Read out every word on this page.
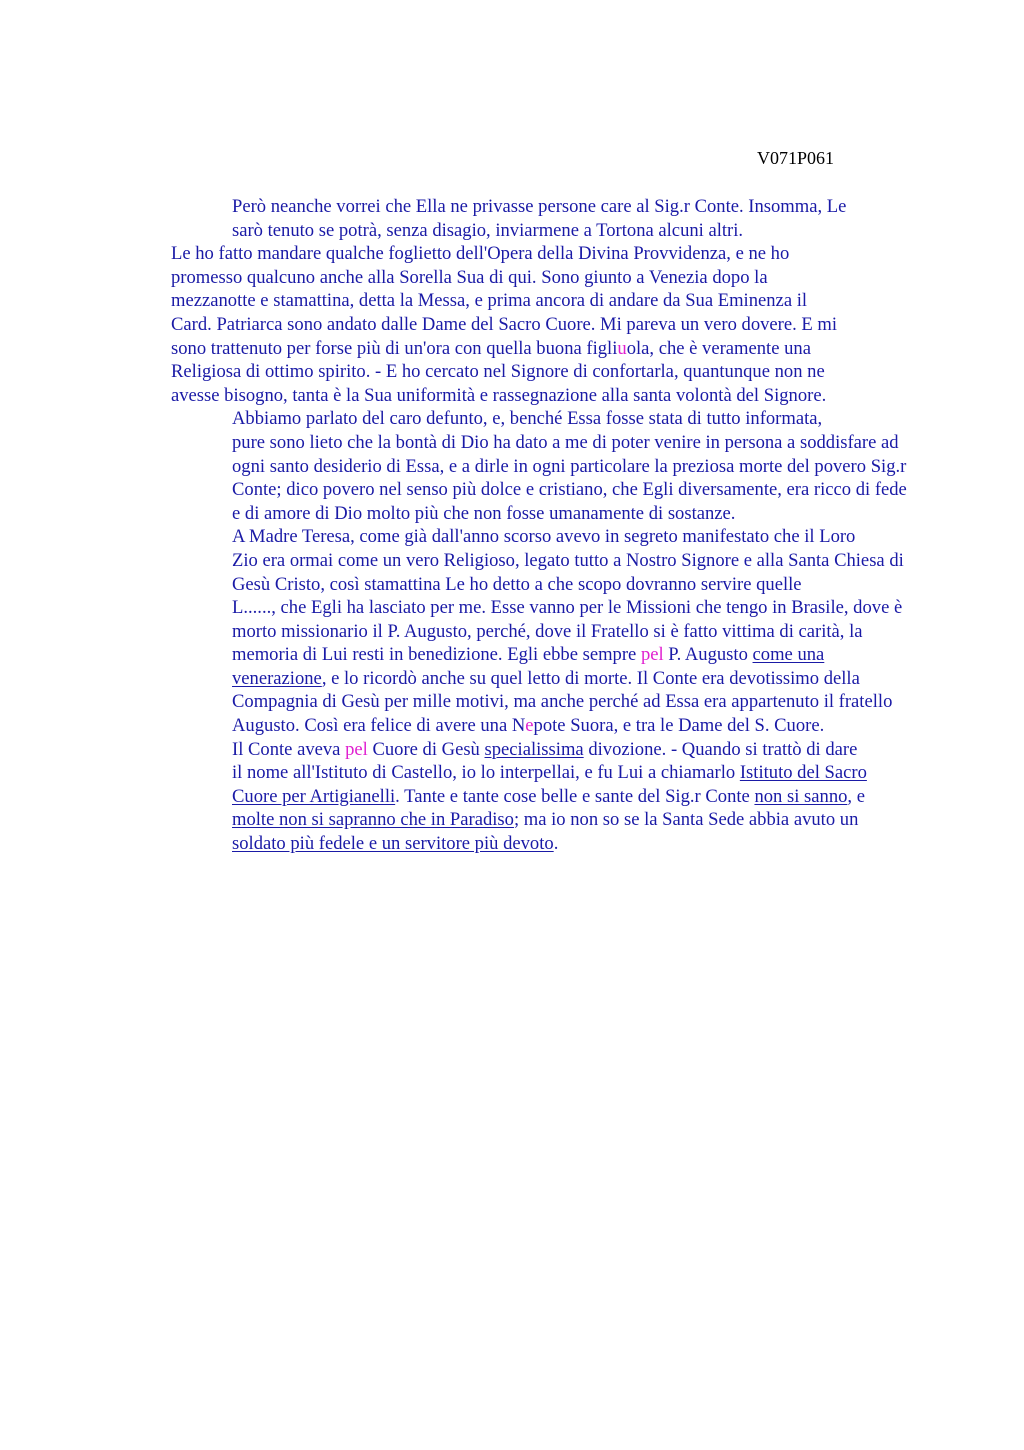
V071P061

Però neanche vorrei che Ella ne privasse persone care al Sig.r Conte. Insomma, Le
sarò tenuto se potrà, senza disagio, inviarmene a Tortona alcuni altri.

Le ho fatto mandare qualche foglietto dell'Opera della Divina Provvidenza, e ne ho
promesso qualcuno anche alla Sorella Sua di qui. Sono giunto a Venezia dopo la
mezzanotte e stamattina, detta la Messa, e prima ancora di andare da Sua Eminenza il
Card. Patriarca sono andato dalle Dame del Sacro Cuore. Mi pareva un vero dovere. E mi
sono trattenuto per forse più di un'ora con quella buona figliuola, che è veramente una
Religiosa di ottimo spirito. - E ho cercato nel Signore di confortarla, quantunque non ne
avesse bisogno, tanta è la Sua uniformità e rassegnazione alla santa volontà del Signore.

Abbiamo parlato del caro defunto, e, benché Essa fosse stata di tutto informata,
pure sono lieto che la bontà di Dio ha dato a me di poter venire in persona a soddisfare ad
ogni santo desiderio di Essa, e a dirle in ogni particolare la preziosa morte del povero Sig.r
Conte; dico povero nel senso più dolce e cristiano, che Egli diversamente, era ricco di fede
e di amore di Dio molto più che non fosse umanamente di sostanze.

A Madre Teresa, come già dall'anno scorso avevo in segreto manifestato che il Loro
Zio era ormai come un vero Religioso, legato tutto a Nostro Signore e alla Santa Chiesa di
Gesù Cristo, così stamattina Le ho detto a che scopo dovranno servire quelle
L......, che Egli ha lasciato per me. Esse vanno per le Missioni che tengo in Brasile, dove è
morto missionario il P. Augusto, perché, dove il Fratello si è fatto vittima di carità, la
memoria di Lui resti in benedizione. Egli ebbe sempre pel P. Augusto come una
venerazione, e lo ricordò anche su quel letto di morte. Il Conte era devotissimo della
Compagnia di Gesù per mille motivi, ma anche perché ad Essa era appartenuto il fratello
Augusto. Così era felice di avere una Nepote Suora, e tra le Dame del S. Cuore.

Il Conte aveva pel Cuore di Gesù specialissima divozione. - Quando si trattò di dare
il nome all'Istituto di Castello, io lo interpellai, e fu Lui a chiamarlo Istituto del Sacro
Cuore per Artigianelli. Tante e tante cose belle e sante del Sig.r Conte non si sanno, e
molte non si sapranno che in Paradiso; ma io non so se la Santa Sede abbia avuto un
soldato più fedele e un servitore più devoto.
